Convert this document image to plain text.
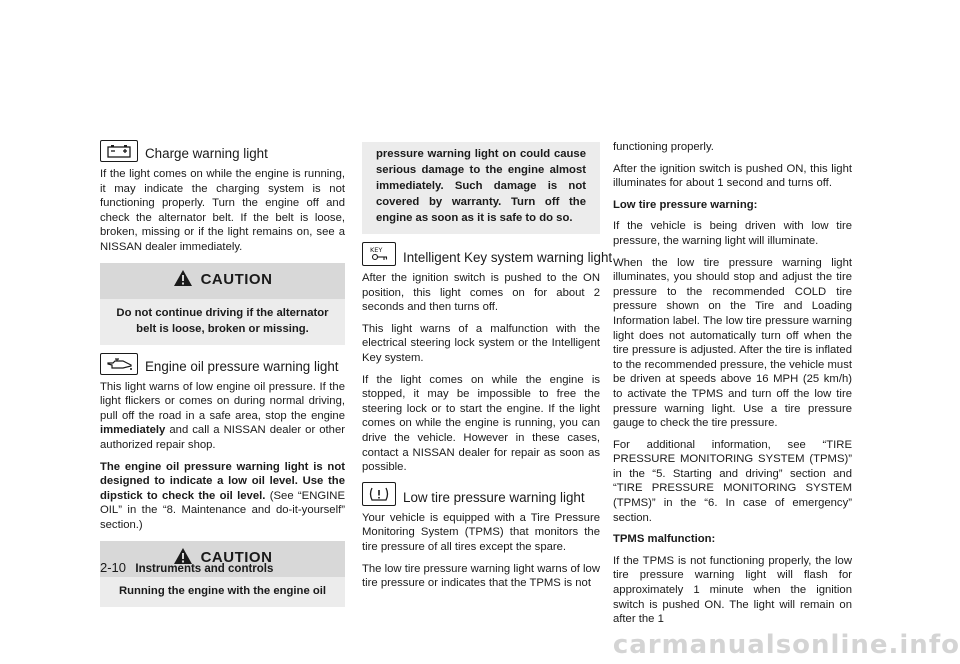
Charge warning light

If the light comes on while the engine is running, it may indicate the charging system is not functioning properly. Turn the engine off and check the alternator belt. If the belt is loose, broken, missing or if the light remains on, see a NISSAN dealer immediately.

CAUTION
Do not continue driving if the alternator belt is loose, broken or missing.
Engine oil pressure warning light

This light warns of low engine oil pressure. If the light flickers or comes on during normal driving, pull off the road in a safe area, stop the engine immediately and call a NISSAN dealer or other authorized repair shop.

The engine oil pressure warning light is not designed to indicate a low oil level. Use the dipstick to check the oil level. (See “ENGINE OIL” in the “8. Maintenance and do-it-yourself” section.)

CAUTION
Running the engine with the engine oil
pressure warning light on could cause serious damage to the engine almost immediately. Such damage is not covered by warranty. Turn off the engine as soon as it is safe to do so.
KEY Intelligent Key system warning light

After the ignition switch is pushed to the ON position, this light comes on for about 2 seconds and then turns off.

This light warns of a malfunction with the electrical steering lock system or the Intelligent Key system.

If the light comes on while the engine is stopped, it may be impossible to free the steering lock or to start the engine. If the light comes on while the engine is running, you can drive the vehicle. However in these cases, contact a NISSAN dealer for repair as soon as possible.

Low tire pressure warning light

Your vehicle is equipped with a Tire Pressure Monitoring System (TPMS) that monitors the tire pressure of all tires except the spare.

The low tire pressure warning light warns of low tire pressure or indicates that the TPMS is not

functioning properly.

After the ignition switch is pushed ON, this light illuminates for about 1 second and turns off.

Low tire pressure warning:

If the vehicle is being driven with low tire pressure, the warning light will illuminate.

When the low tire pressure warning light illuminates, you should stop and adjust the tire pressure to the recommended COLD tire pressure shown on the Tire and Loading Information label. The low tire pressure warning light does not automatically turn off when the tire pressure is adjusted. After the tire is inflated to the recommended pressure, the vehicle must be driven at speeds above 16 MPH (25 km/h) to activate the TPMS and turn off the low tire pressure warning light. Use a tire pressure gauge to check the tire pressure.

For additional information, see “TIRE PRESSURE MONITORING SYSTEM (TPMS)” in the “5. Starting and driving” section and “TIRE PRESSURE MONITORING SYSTEM (TPMS)” in the “6. In case of emergency” section.

TPMS malfunction:

If the TPMS is not functioning properly, the low tire pressure warning light will flash for approximately 1 minute when the ignition switch is pushed ON. The light will remain on after the 1

2-10 Instruments and controls
carmanualsonline.info
